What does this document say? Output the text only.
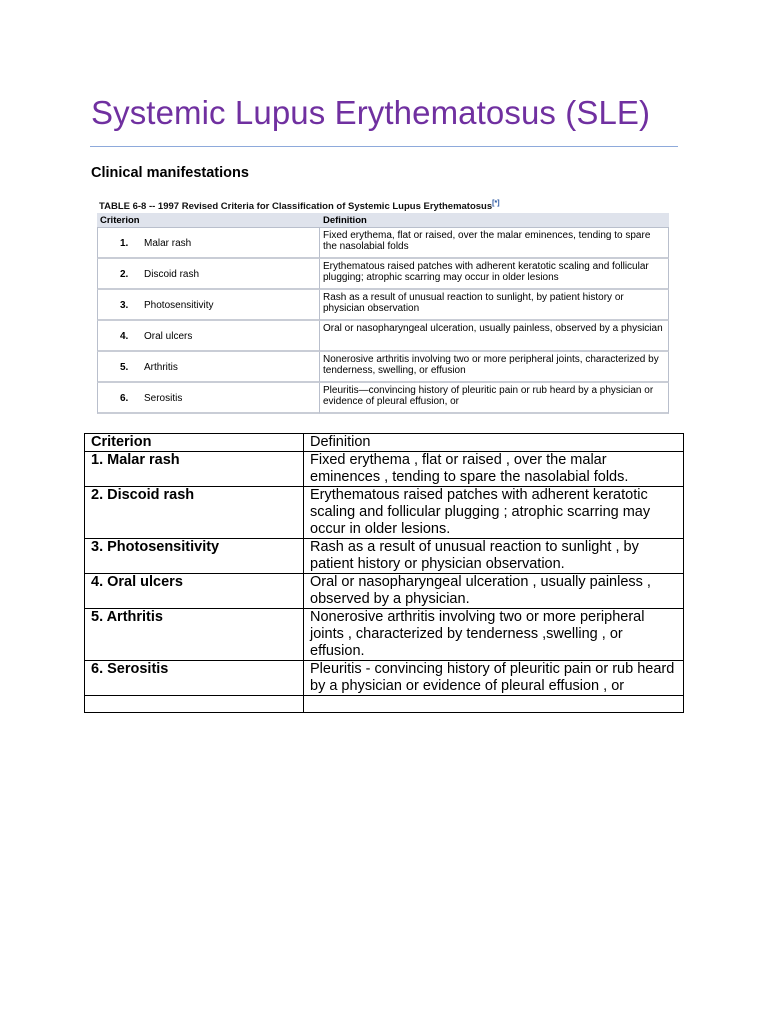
Systemic Lupus Erythematosus (SLE)
Clinical manifestations
TABLE 6-8 -- 1997 Revised Criteria for Classification of Systemic Lupus Erythematosus[*]
Criterion	Definition
1. Malar rash	Fixed erythema, flat or raised, over the malar eminences, tending to spare the nasolabial folds
2. Discoid rash	Erythematous raised patches with adherent keratotic scaling and follicular plugging; atrophic scarring may occur in older lesions
3. Photosensitivity	Rash as a result of unusual reaction to sunlight, by patient history or physician observation
4. Oral ulcers	Oral or nasopharyngeal ulceration, usually painless, observed by a physician
5. Arthritis	Nonerosive arthritis involving two or more peripheral joints, characterized by tenderness, swelling, or effusion
6. Serositis	Pleuritis—convincing history of pleuritic pain or rub heard by a physician or evidence of pleural effusion, or
Criterion	Definition
1. Malar rash	Fixed erythema , flat or raised , over the malar eminences , tending to spare the nasolabial folds.
2. Discoid rash	Erythematous raised patches with adherent keratotic scaling and follicular plugging ; atrophic scarring may occur in older lesions.
3. Photosensitivity	Rash as a result of unusual reaction to sunlight , by patient history or physician observation.
4. Oral ulcers	Oral or nasopharyngeal ulceration , usually painless , observed by a physician.
5. Arthritis	Nonerosive arthritis involving two or more peripheral joints , characterized by tenderness ,swelling , or effusion.
6. Serositis	Pleuritis - convincing history of pleuritic pain or rub heard by a physician or evidence of pleural effusion , or
